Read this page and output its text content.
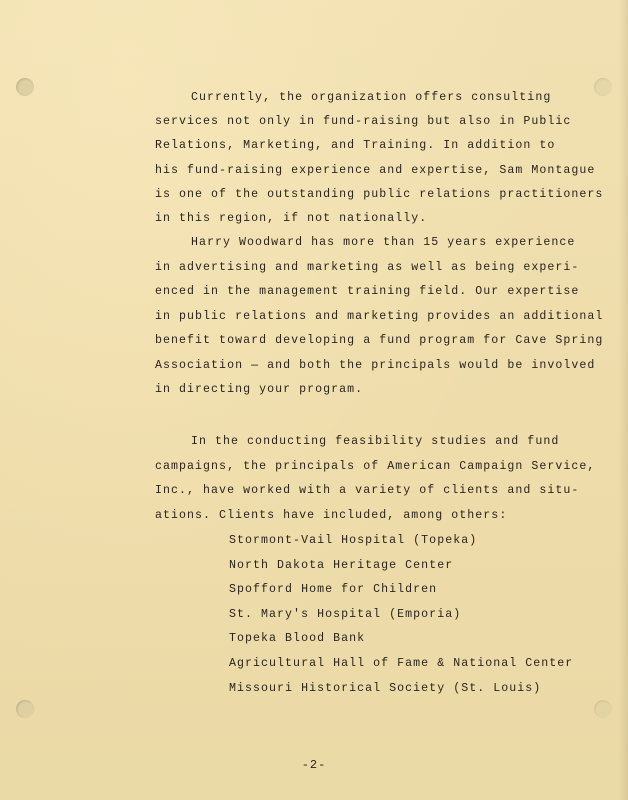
Currently, the organization offers consulting
services not only in fund-raising but also in Public
Relations, Marketing, and Training. In addition to
his fund-raising experience and expertise, Sam Montague
is one of the outstanding public relations practitioners
in this region, if not nationally.
Harry Woodward has more than 15 years experience
in advertising and marketing as well as being experi-
enced in the management training field. Our expertise
in public relations and marketing provides an additional
benefit toward developing a fund program for Cave Spring
Association — and both the principals would be involved
in directing your program.
In the conducting feasibility studies and fund
campaigns, the principals of American Campaign Service,
Inc., have worked with a variety of clients and situ-
ations. Clients have included, among others:
Stormont-Vail Hospital (Topeka)
North Dakota Heritage Center
Spofford Home for Children
St. Mary's Hospital (Emporia)
Topeka Blood Bank
Agricultural Hall of Fame & National Center
Missouri Historical Society (St. Louis)
-2-
